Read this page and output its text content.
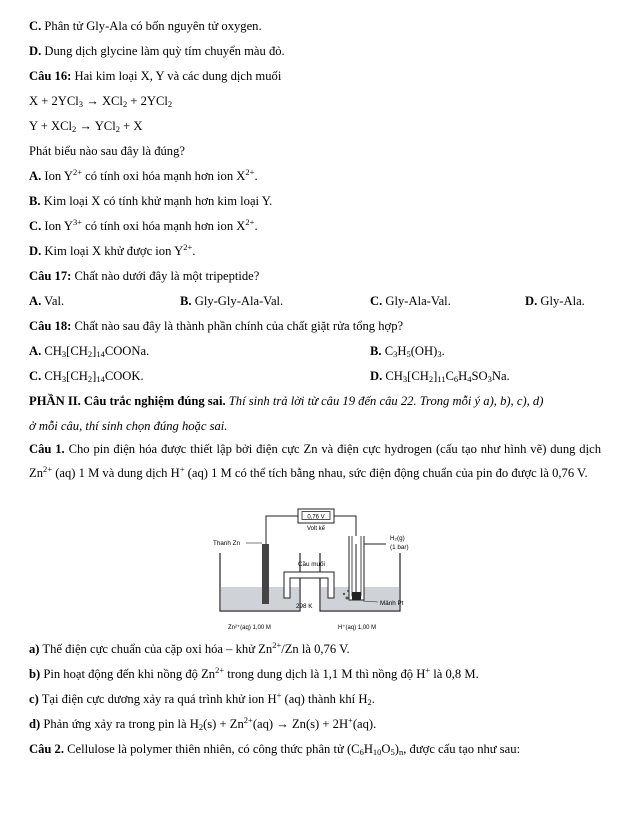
C. Phân tử Gly-Ala có bốn nguyên tử oxygen.
D. Dung dịch glycine làm quỳ tím chuyển màu đỏ.
Câu 16: Hai kim loại X, Y và các dung dịch muối
X + 2YCl$_3$ → XCl$_2$ + 2YCl$_2$
Y + XCl$_2$ → YCl$_2$ + X
Phát biểu nào sau đây là đúng?
A. Ion $Y^{2+}$ có tính oxi hóa mạnh hơn ion $X^{2+}$.
B. Kim loại X có tính khử mạnh hơn kim loại Y.
C. Ion $Y^{3+}$ có tính oxi hóa mạnh hơn ion $X^{2+}$.
D. Kim loại X khử được ion $Y^{2+}$.
Câu 17: Chất nào dưới đây là một tripeptide?
A. Val.	B. Gly-Gly-Ala-Val.	C. Gly-Ala-Val.	D. Gly-Ala.
Câu 18: Chất nào sau đây là thành phần chính của chất giặt rửa tổng hợp?
A. $CH_3[CH_2]_{14}COONa$.	B. $C_3H_5(OH)_3$.
C. $CH_3[CH_2]_{14}COOK$.	D. $CH_3[CH_2]_{11}C_6H_4SO_3Na$.
PHẦN II. Câu trắc nghiệm đúng sai. Thí sinh trả lời từ câu 19 đến câu 22. Trong mỗi ý a), b), c), d)
ở mỗi câu, thí sinh chọn đúng hoặc sai.
Câu 1. Cho pin điện hóa được thiết lập bởi điện cực Zn và điện cực hydrogen (cấu tạo như hình vẽ) dung dịch $Zn^{2+}$ (aq) 1 M và dung dịch H+ (aq) 1 M có thể tích bằng nhau, sức điện động chuẩn của pin đo được là 0,76 V.
0,76 V
Volt kế
Thanh Zn
H₂(g)
(1 bar)
Cầu muối
298 K	Mảnh Pt
Zn²⁺(aq) 1,00 M	H⁺(aq) 1,00 M
a) Thế điện cực chuẩn của cặp oxi hóa – khử $Zn^{2+}/Zn$ là 0,76 V.
b) Pin hoạt động đến khi nồng độ $Zn^{2+}$ trong dung dịch là 1,1 M thì nồng độ H+ là 0,8 M.
c) Tại điện cực dương xảy ra quá trình khử ion H+ (aq) thành khí $H_2$.
d) Phản ứng xảy ra trong pin là $H_2(s) + Zn^{2+}(aq) \to Zn(s) + 2H^+(aq)$.
Câu 2. Cellulose là polymer thiên nhiên, có công thức phân tử $(C_6H_{10}O_5)_n$, được cấu tạo như sau:
